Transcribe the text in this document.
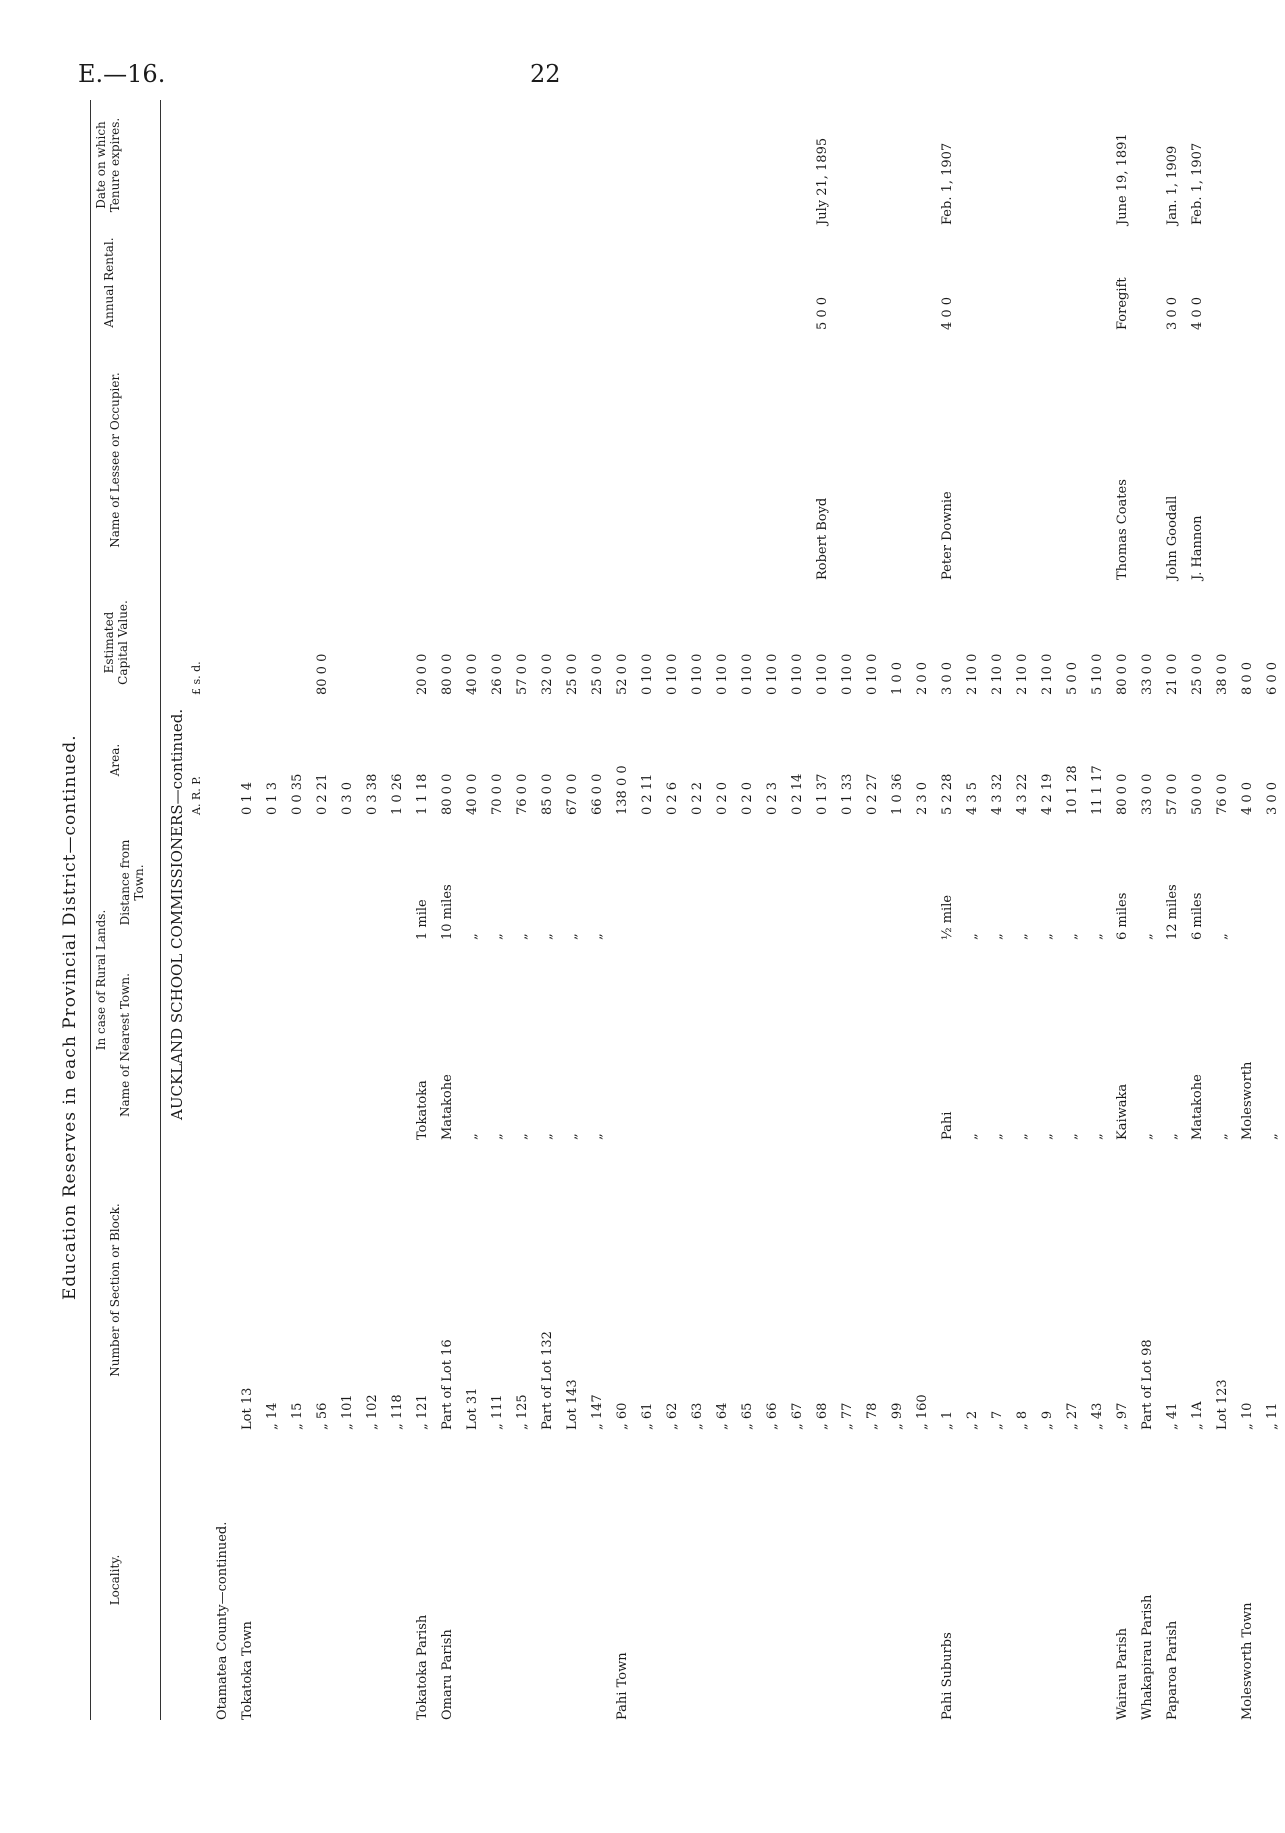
E.—16.	22
Education Reserves in each Provincial District—continued.
Locality.
Number of Section or Block.
In case of Rural Lands. Name of Nearest Town.
Distance from Town.
Area.
Estimated Capital Value.
Name of Lessee or Occupier.
Annual Rental.
Date on which Tenure expires.
AUCKLAND SCHOOL COMMISSIONERS—continued. A. R. P.
£ s. d.
Otamatea County—continued. Tokatoka Town
Lot 13
0 1 4
„ 14
0 1 3
„ 15
0 0 35
„ 56
0 2 21
80 0 0
„ 101
0 3 0
„ 102
0 3 38
„ 118
1 0 26
Tokatoka Parish
„ 121
Tokatoka
1 mile
1 1 18
20 0 0
Omaru Parish
Part of Lot 16
Matakohe
10 miles
80 0 0
80 0 0
Lot 31
„
„
40 0 0
40 0 0
„ 111
„
„
70 0 0
26 0 0
„ 125
„
„
76 0 0
57 0 0
Part of Lot 132
„
„
85 0 0
32 0 0
Lot 143
„
„
67 0 0
25 0 0
„ 147
„
„
66 0 0
25 0 0
Pahi Town
„ 60
138 0 0
52 0 0
„ 61
0 2 11
0 10 0
„ 62
0 2 6
0 10 0
„ 63
0 2 2
0 10 0
„ 64
0 2 0
0 10 0
„ 65
0 2 0
0 10 0
„ 66
0 2 3
0 10 0
„ 67
0 2 14
0 10 0
„ 68
0 1 37
0 10 0
Robert Boyd
5 0 0
July 21, 1895
„ 77
0 1 33
0 10 0
„ 78
0 2 27
0 10 0
„ 99
1 0 36
1 0 0
„ 160
2 3 0
2 0 0
Pahi Suburbs
„ 1
Pahi
½ mile
5 2 28
3 0 0
Peter Downie
4 0 0
Feb. 1, 1907
„ 2
„
„
4 3 5
2 10 0
„ 7
„
„
4 3 32
2 10 0
„ 8
„
„
4 3 22
2 10 0
„ 9
„
„
4 2 19
2 10 0
„ 27
„
„
10 1 28
5 0 0
„ 43
„
„
11 1 17
5 10 0
Wairau Parish
„ 97
Kaiwaka
6 miles
80 0 0
80 0 0
Thomas Coates
Foregift
June 19, 1891
Whakapirau Parish
Part of Lot 98
„
„
33 0 0
33 0 0
Paparoa Parish
„ 41
„
12 miles
57 0 0
21 0 0
John Goodall
3 0 0
Jan. 1, 1909
„ 1A
Matakohe
6 miles
50 0 0
25 0 0
J. Hannon
4 0 0
Feb. 1, 1907
Lot 123
„
„
76 0 0
38 0 0
Molesworth Town
„ 10
Molesworth
4 0 0
8 0 0
„ 11
„
3 0 0
6 0 0
